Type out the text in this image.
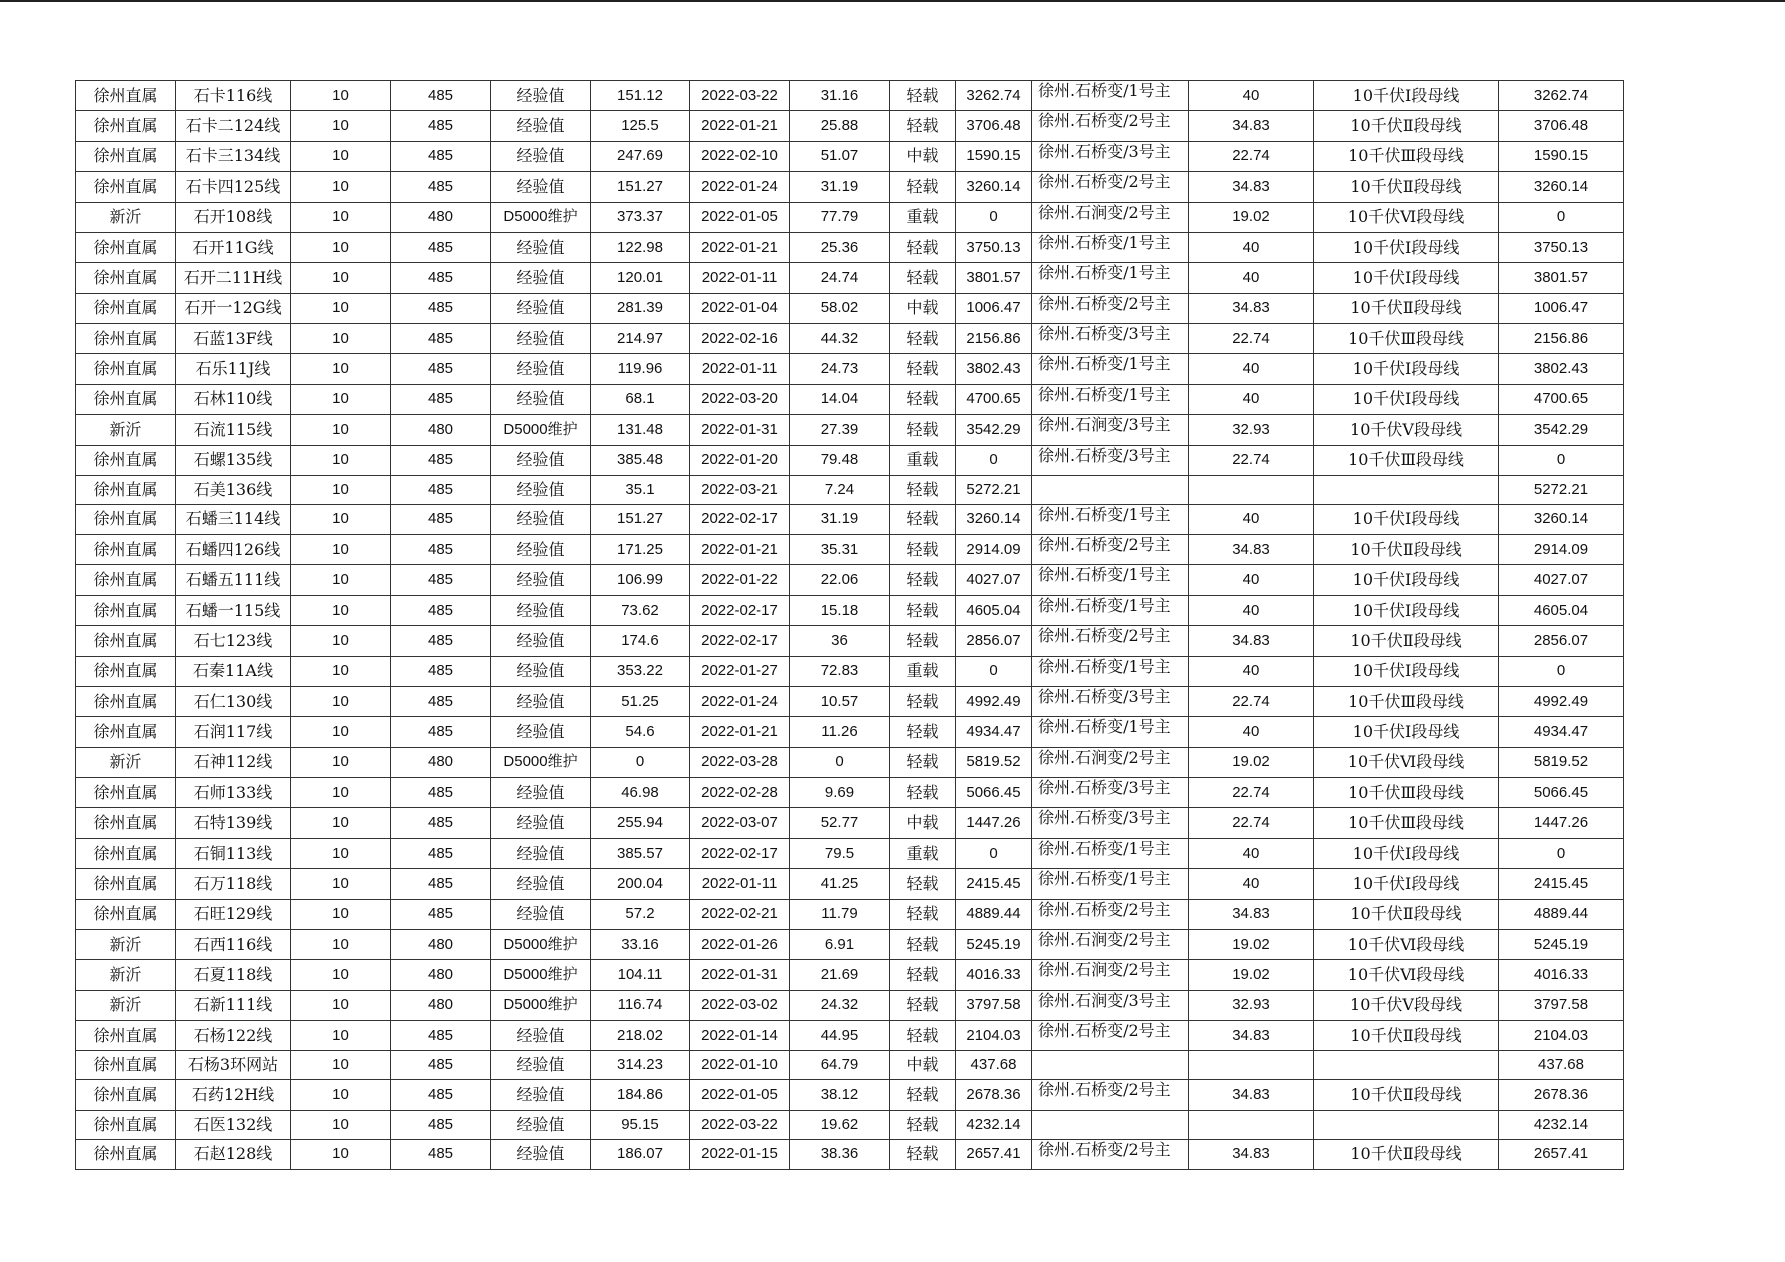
徐州直属	石卡116线	10	485	经验值	151.12	2022-03-22	31.16	轻载	3262.74	徐州.石桥变/1号主	40	10千伏Ⅰ段母线	3262.74
徐州直属	石卡二124线	10	485	经验值	125.5	2022-01-21	25.88	轻载	3706.48	徐州.石桥变/2号主	34.83	10千伏Ⅱ段母线	3706.48
徐州直属	石卡三134线	10	485	经验值	247.69	2022-02-10	51.07	中载	1590.15	徐州.石桥变/3号主	22.74	10千伏Ⅲ段母线	1590.15
徐州直属	石卡四125线	10	485	经验值	151.27	2022-01-24	31.19	轻载	3260.14	徐州.石桥变/2号主	34.83	10千伏Ⅱ段母线	3260.14
新沂	石开108线	10	480	D5000维护	373.37	2022-01-05	77.79	重载	0	徐州.石涧变/2号主	19.02	10千伏Ⅵ段母线	0
徐州直属	石开11G线	10	485	经验值	122.98	2022-01-21	25.36	轻载	3750.13	徐州.石桥变/1号主	40	10千伏Ⅰ段母线	3750.13
徐州直属	石开二11H线	10	485	经验值	120.01	2022-01-11	24.74	轻载	3801.57	徐州.石桥变/1号主	40	10千伏Ⅰ段母线	3801.57
徐州直属	石开一12G线	10	485	经验值	281.39	2022-01-04	58.02	中载	1006.47	徐州.石桥变/2号主	34.83	10千伏Ⅱ段母线	1006.47
徐州直属	石蓝13F线	10	485	经验值	214.97	2022-02-16	44.32	轻载	2156.86	徐州.石桥变/3号主	22.74	10千伏Ⅲ段母线	2156.86
徐州直属	石乐11J线	10	485	经验值	119.96	2022-01-11	24.73	轻载	3802.43	徐州.石桥变/1号主	40	10千伏Ⅰ段母线	3802.43
徐州直属	石林110线	10	485	经验值	68.1	2022-03-20	14.04	轻载	4700.65	徐州.石桥变/1号主	40	10千伏Ⅰ段母线	4700.65
新沂	石流115线	10	480	D5000维护	131.48	2022-01-31	27.39	轻载	3542.29	徐州.石涧变/3号主	32.93	10千伏Ⅴ段母线	3542.29
徐州直属	石螺135线	10	485	经验值	385.48	2022-01-20	79.48	重载	0	徐州.石桥变/3号主	22.74	10千伏Ⅲ段母线	0
徐州直属	石美136线	10	485	经验值	35.1	2022-03-21	7.24	轻载	5272.21				5272.21
徐州直属	石蟠三114线	10	485	经验值	151.27	2022-02-17	31.19	轻载	3260.14	徐州.石桥变/1号主	40	10千伏Ⅰ段母线	3260.14
徐州直属	石蟠四126线	10	485	经验值	171.25	2022-01-21	35.31	轻载	2914.09	徐州.石桥变/2号主	34.83	10千伏Ⅱ段母线	2914.09
徐州直属	石蟠五111线	10	485	经验值	106.99	2022-01-22	22.06	轻载	4027.07	徐州.石桥变/1号主	40	10千伏Ⅰ段母线	4027.07
徐州直属	石蟠一115线	10	485	经验值	73.62	2022-02-17	15.18	轻载	4605.04	徐州.石桥变/1号主	40	10千伏Ⅰ段母线	4605.04
徐州直属	石七123线	10	485	经验值	174.6	2022-02-17	36	轻载	2856.07	徐州.石桥变/2号主	34.83	10千伏Ⅱ段母线	2856.07
徐州直属	石秦11A线	10	485	经验值	353.22	2022-01-27	72.83	重载	0	徐州.石桥变/1号主	40	10千伏Ⅰ段母线	0
徐州直属	石仁130线	10	485	经验值	51.25	2022-01-24	10.57	轻载	4992.49	徐州.石桥变/3号主	22.74	10千伏Ⅲ段母线	4992.49
徐州直属	石润117线	10	485	经验值	54.6	2022-01-21	11.26	轻载	4934.47	徐州.石桥变/1号主	40	10千伏Ⅰ段母线	4934.47
新沂	石神112线	10	480	D5000维护	0	2022-03-28	0	轻载	5819.52	徐州.石涧变/2号主	19.02	10千伏Ⅵ段母线	5819.52
徐州直属	石师133线	10	485	经验值	46.98	2022-02-28	9.69	轻载	5066.45	徐州.石桥变/3号主	22.74	10千伏Ⅲ段母线	5066.45
徐州直属	石特139线	10	485	经验值	255.94	2022-03-07	52.77	中载	1447.26	徐州.石桥变/3号主	22.74	10千伏Ⅲ段母线	1447.26
徐州直属	石铜113线	10	485	经验值	385.57	2022-02-17	79.5	重载	0	徐州.石桥变/1号主	40	10千伏Ⅰ段母线	0
徐州直属	石万118线	10	485	经验值	200.04	2022-01-11	41.25	轻载	2415.45	徐州.石桥变/1号主	40	10千伏Ⅰ段母线	2415.45
徐州直属	石旺129线	10	485	经验值	57.2	2022-02-21	11.79	轻载	4889.44	徐州.石桥变/2号主	34.83	10千伏Ⅱ段母线	4889.44
新沂	石西116线	10	480	D5000维护	33.16	2022-01-26	6.91	轻载	5245.19	徐州.石涧变/2号主	19.02	10千伏Ⅵ段母线	5245.19
新沂	石夏118线	10	480	D5000维护	104.11	2022-01-31	21.69	轻载	4016.33	徐州.石涧变/2号主	19.02	10千伏Ⅵ段母线	4016.33
新沂	石新111线	10	480	D5000维护	116.74	2022-03-02	24.32	轻载	3797.58	徐州.石涧变/3号主	32.93	10千伏Ⅴ段母线	3797.58
徐州直属	石杨122线	10	485	经验值	218.02	2022-01-14	44.95	轻载	2104.03	徐州.石桥变/2号主	34.83	10千伏Ⅱ段母线	2104.03
徐州直属	石杨3环网站	10	485	经验值	314.23	2022-01-10	64.79	中载	437.68				437.68
徐州直属	石药12H线	10	485	经验值	184.86	2022-01-05	38.12	轻载	2678.36	徐州.石桥变/2号主	34.83	10千伏Ⅱ段母线	2678.36
徐州直属	石医132线	10	485	经验值	95.15	2022-03-22	19.62	轻载	4232.14				4232.14
徐州直属	石赵128线	10	485	经验值	186.07	2022-01-15	38.36	轻载	2657.41	徐州.石桥变/2号主	34.83	10千伏Ⅱ段母线	2657.41
